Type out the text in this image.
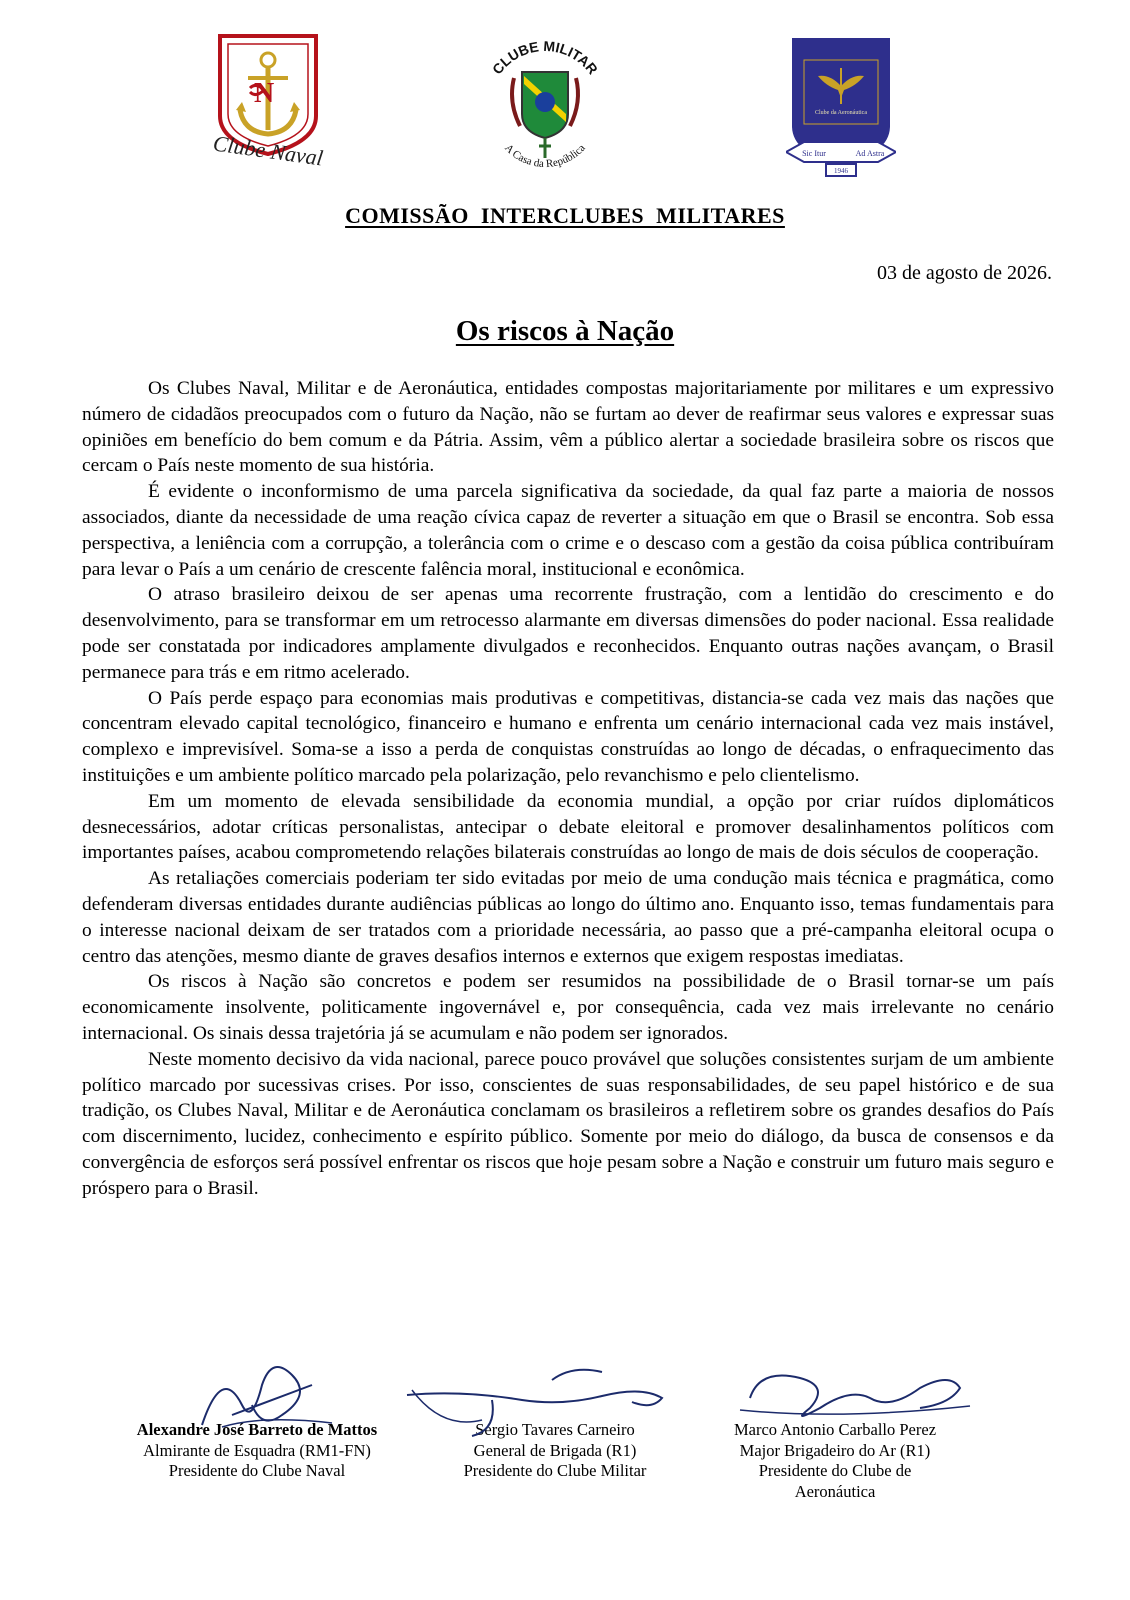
N
Clube Naval
CLUBE MILITAR
A Casa da República
Clube da Aeronáutica
Sic Itur	Ad Astra
1946
COMISSÃO INTERCLUBES MILITARES
03 de agosto de 2026.
Os riscos à Nação

Os Clubes Naval, Militar e de Aeronáutica, entidades compostas majoritariamente por militares e um expressivo número de cidadãos preocupados com o futuro da Nação, não se furtam ao dever de reafirmar seus valores e expressar suas opiniões em benefício do bem comum e da Pátria. Assim, vêm a público alertar a sociedade brasileira sobre os riscos que cercam o País neste momento de sua história.

É evidente o inconformismo de uma parcela significativa da sociedade, da qual faz parte a maioria de nossos associados, diante da necessidade de uma reação cívica capaz de reverter a situação em que o Brasil se encontra. Sob essa perspectiva, a leniência com a corrupção, a tolerância com o crime e o descaso com a gestão da coisa pública contribuíram para levar o País a um cenário de crescente falência moral, institucional e econômica.

O atraso brasileiro deixou de ser apenas uma recorrente frustração, com a lentidão do crescimento e do desenvolvimento, para se transformar em um retrocesso alarmante em diversas dimensões do poder nacional. Essa realidade pode ser constatada por indicadores amplamente divulgados e reconhecidos. Enquanto outras nações avançam, o Brasil permanece para trás e em ritmo acelerado.

O País perde espaço para economias mais produtivas e competitivas, distancia-se cada vez mais das nações que concentram elevado capital tecnológico, financeiro e humano e enfrenta um cenário internacional cada vez mais instável, complexo e imprevisível. Soma-se a isso a perda de conquistas construídas ao longo de décadas, o enfraquecimento das instituições e um ambiente político marcado pela polarização, pelo revanchismo e pelo clientelismo.

Em um momento de elevada sensibilidade da economia mundial, a opção por criar ruídos diplomáticos desnecessários, adotar críticas personalistas, antecipar o debate eleitoral e promover desalinhamentos políticos com importantes países, acabou comprometendo relações bilaterais construídas ao longo de mais de dois séculos de cooperação.

As retaliações comerciais poderiam ter sido evitadas por meio de uma condução mais técnica e pragmática, como defenderam diversas entidades durante audiências públicas ao longo do último ano. Enquanto isso, temas fundamentais para o interesse nacional deixam de ser tratados com a prioridade necessária, ao passo que a pré-campanha eleitoral ocupa o centro das atenções, mesmo diante de graves desafios internos e externos que exigem respostas imediatas.

Os riscos à Nação são concretos e podem ser resumidos na possibilidade de o Brasil tornar-se um país economicamente insolvente, politicamente ingovernável e, por consequência, cada vez mais irrelevante no cenário internacional. Os sinais dessa trajetória já se acumulam e não podem ser ignorados.

Neste momento decisivo da vida nacional, parece pouco provável que soluções consistentes surjam de um ambiente político marcado por sucessivas crises. Por isso, conscientes de suas responsabilidades, de seu papel histórico e de sua tradição, os Clubes Naval, Militar e de Aeronáutica conclamam os brasileiros a refletirem sobre os grandes desafios do País com discernimento, lucidez, conhecimento e espírito público. Somente por meio do diálogo, da busca de consensos e da convergência de esforços será possível enfrentar os riscos que hoje pesam sobre a Nação e construir um futuro mais seguro e próspero para o Brasil.

Alexandre José Barreto de Mattos
Almirante de Esquadra (RM1-FN)
Presidente do Clube Naval
Sérgio Tavares Carneiro
General de Brigada (R1)
Presidente do Clube Militar
Marco Antonio Carballo Perez
Major Brigadeiro do Ar (R1)
Presidente do Clube de
Aeronáutica
